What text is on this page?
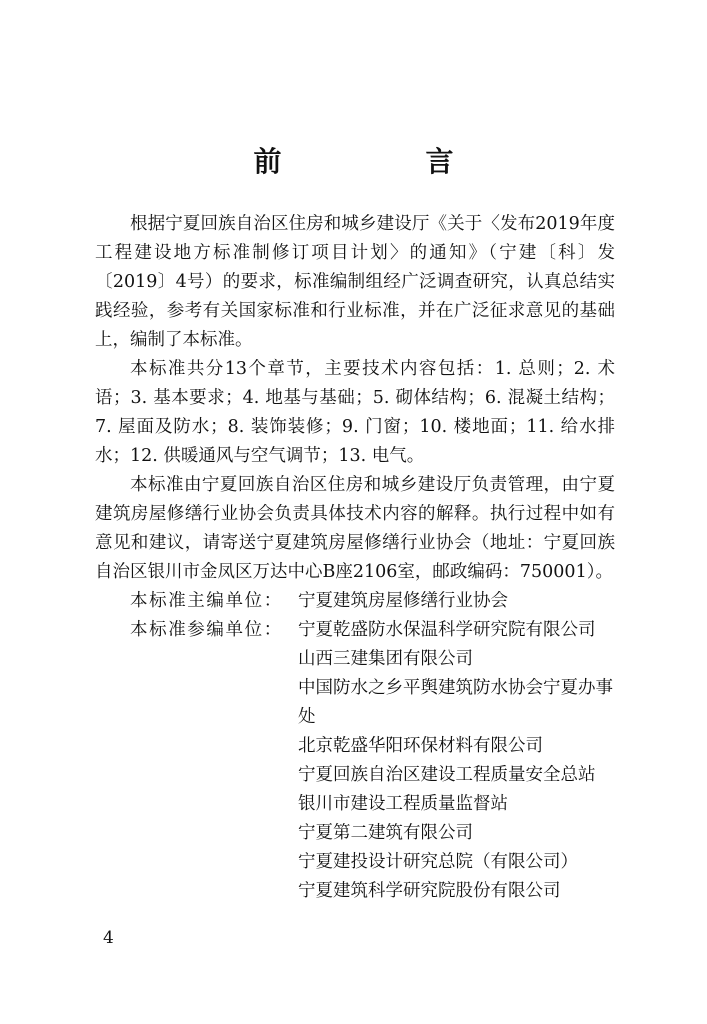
前　言

根据宁夏回族自治区住房和城乡建设厅《关于〈发布2019年度工程建设地方标准制修订项目计划〉的通知》（宁建〔科〕发〔2019〕4号）的要求，标准编制组经广泛调查研究，认真总结实践经验，参考有关国家标准和行业标准，并在广泛征求意见的基础上，编制了本标准。

本标准共分13个章节，主要技术内容包括：1. 总则；2. 术语；3. 基本要求；4. 地基与基础；5. 砌体结构；6. 混凝土结构；7. 屋面及防水；8. 装饰装修；9. 门窗；10. 楼地面；11. 给水排水；12. 供暖通风与空气调节；13. 电气。

本标准由宁夏回族自治区住房和城乡建设厅负责管理，由宁夏建筑房屋修缮行业协会负责具体技术内容的解释。执行过程中如有意见和建议，请寄送宁夏建筑房屋修缮行业协会（地址：宁夏回族自治区银川市金凤区万达中心B座2106室，邮政编码：750001）。

本标准主编单位： 宁夏建筑房屋修缮行业协会
本标准参编单位： 宁夏乾盛防水保温科学研究院有限公司
山西三建集团有限公司
中国防水之乡平舆建筑防水协会宁夏办事处
北京乾盛华阳环保材料有限公司
宁夏回族自治区建设工程质量安全总站
银川市建设工程质量监督站
宁夏第二建筑有限公司
宁夏建投设计研究总院（有限公司）
宁夏建筑科学研究院股份有限公司
4
